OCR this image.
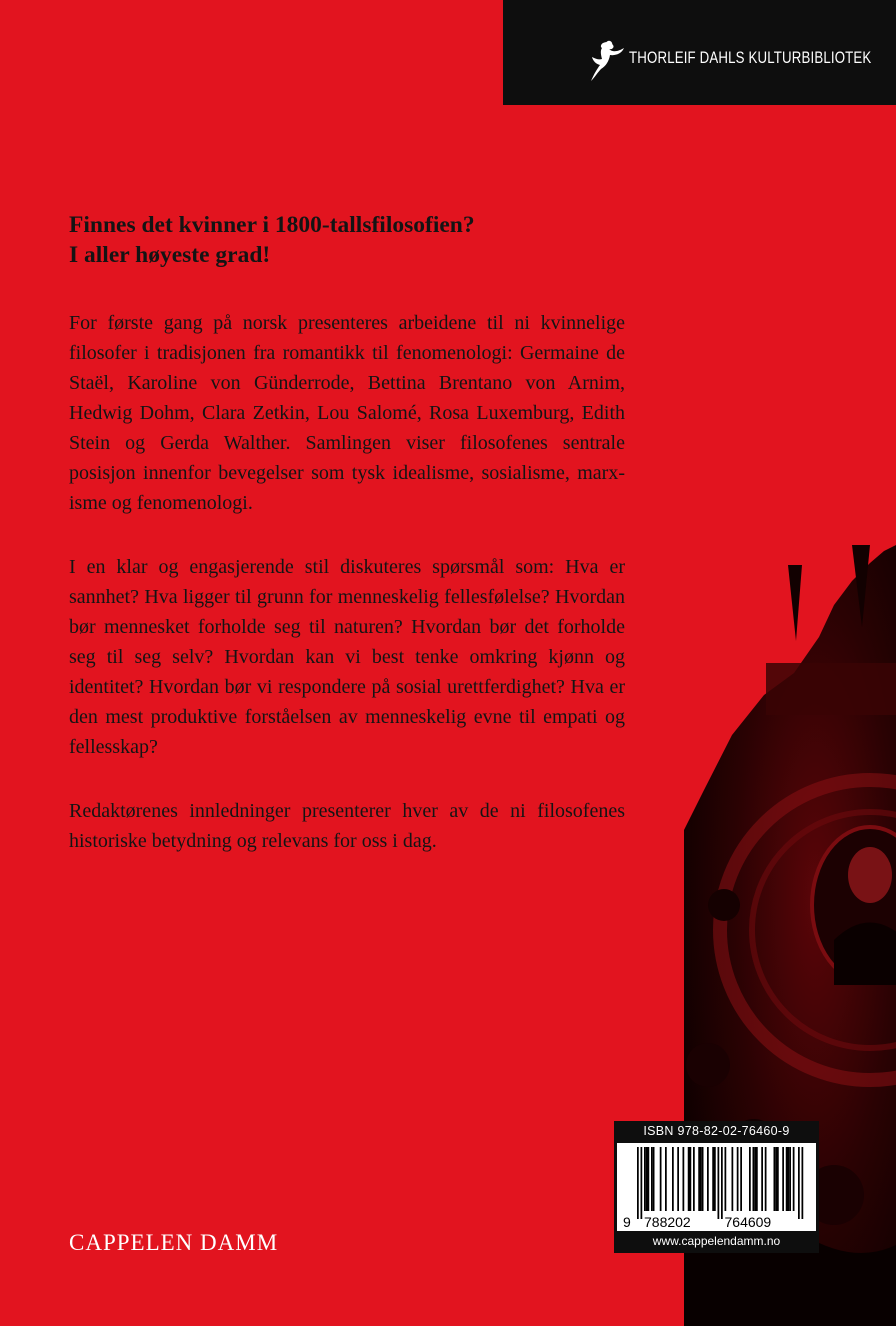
THORLEIF DAHLS KULTURBIBLIOTEK
Finnes det kvinner i 1800-tallsfilosofien?
I aller høyeste grad!

For første gang på norsk presenteres arbeidene til ni kvinnelige filosofer i tradisjonen fra romantikk til fenomenologi: Germaine de Staël, Karoline von Günderrode, Bettina Brentano von Arnim, Hedwig Dohm, Clara Zetkin, Lou Salomé, Rosa Luxemburg, Edith Stein og Gerda Walther. Samlingen viser filosofenes sentrale posisjon innenfor bevegelser som tysk idealisme, sosialisme, marxisme og fenomenologi.

I en klar og engasjerende stil diskuteres spørsmål som: Hva er sannhet? Hva ligger til grunn for menneskelig fellesfølelse? Hvordan bør mennesket forholde seg til naturen? Hvordan bør det forholde seg til seg selv? Hvordan kan vi best tenke omkring kjønn og identitet? Hvordan bør vi respondere på sosial urettferdighet? Hva er den mest produktive forståelsen av menneskelig evne til empati og fellesskap?

Redaktørenes innledninger presenterer hver av de ni filosofenes historiske betydning og relevans for oss i dag.

CAPPELEN DAMM
ISBN 978-82-02-76460-9
9 788202 764609
www.cappelendamm.no
